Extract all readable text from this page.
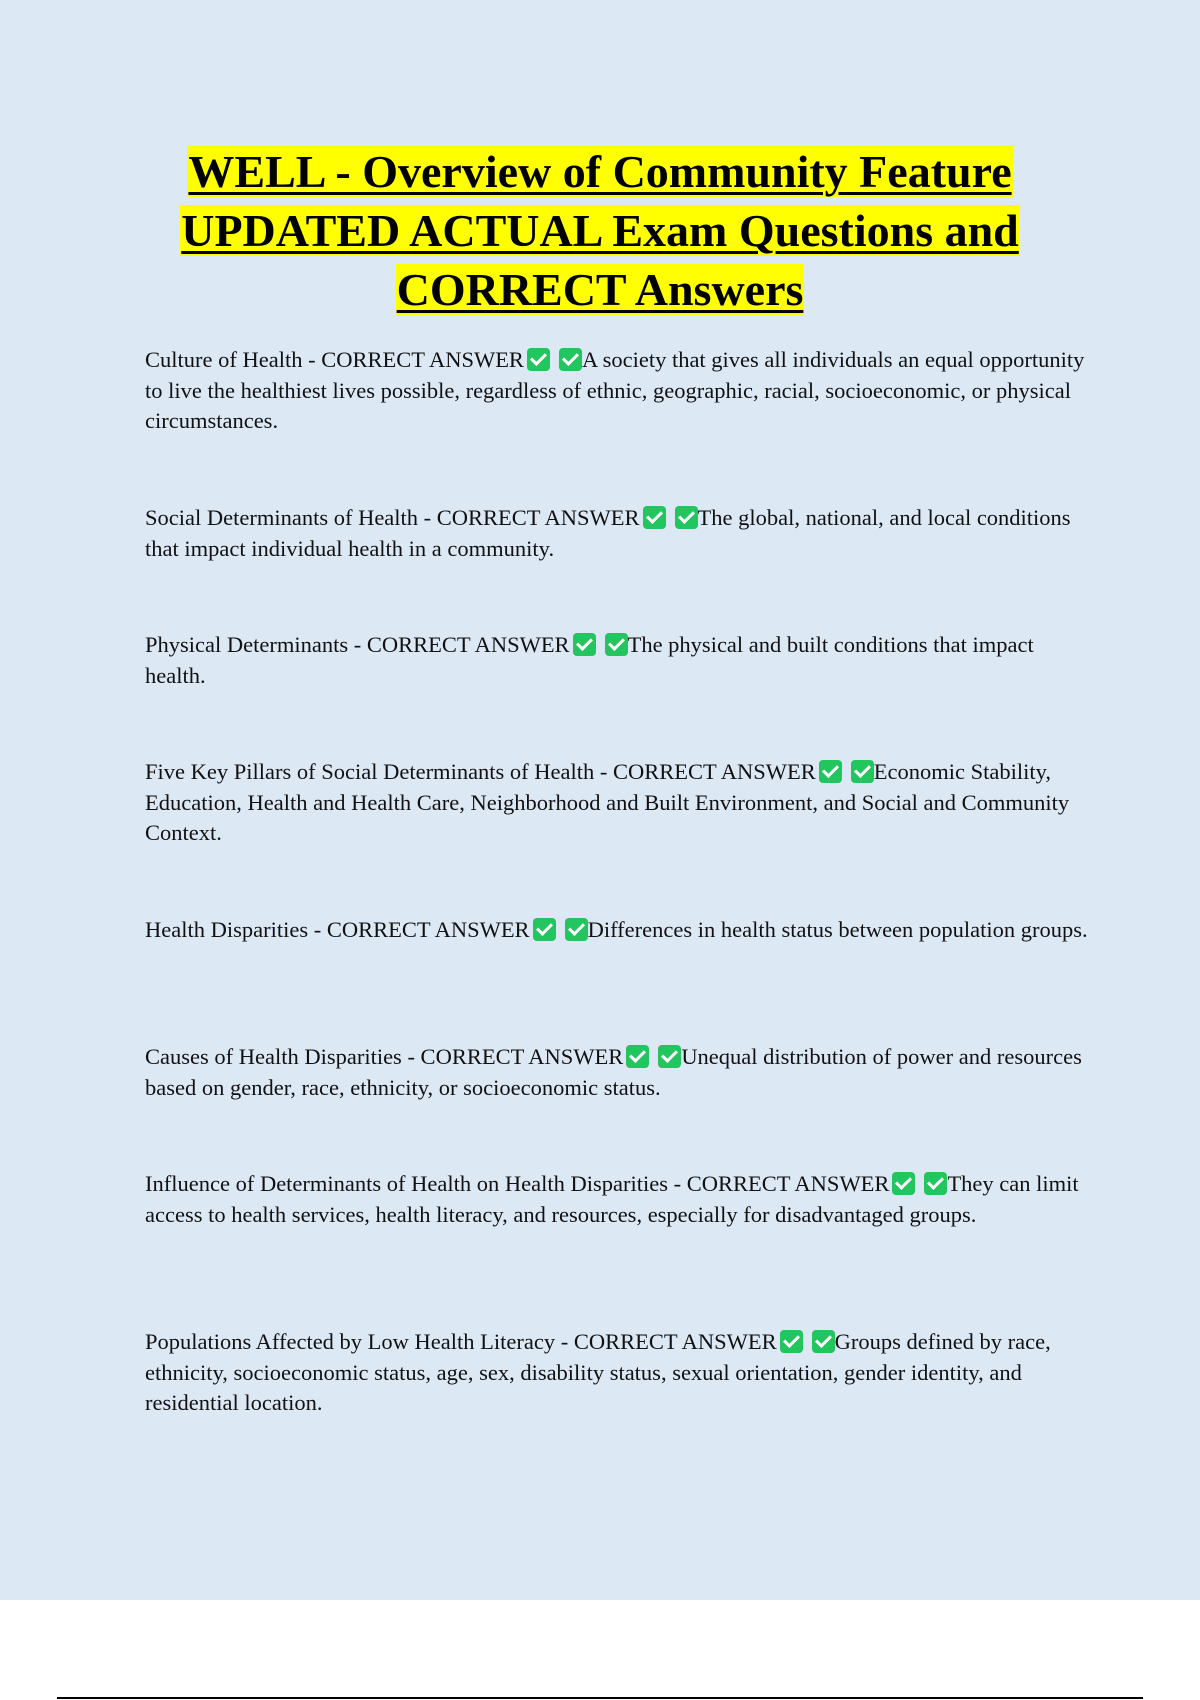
WELL - Overview of Community Feature
UPDATED ACTUAL Exam Questions and
CORRECT Answers

Culture of Health - CORRECT ANSWER	A society that gives all individuals an equal opportunity to live the healthiest lives possible, regardless of ethnic, geographic, racial, socioeconomic, or physical circumstances.

Social Determinants of Health - CORRECT ANSWER	The global, national, and local conditions that impact individual health in a community.

Physical Determinants - CORRECT ANSWER	The physical and built conditions that impact health.

Five Key Pillars of Social Determinants of Health - CORRECT ANSWER	Economic Stability, Education, Health and Health Care, Neighborhood and Built Environment, and Social and Community Context.

Health Disparities - CORRECT ANSWER	Differences in health status between population groups.

Causes of Health Disparities - CORRECT ANSWER	Unequal distribution of power and resources based on gender, race, ethnicity, or socioeconomic status.

Influence of Determinants of Health on Health Disparities - CORRECT ANSWER	They can limit access to health services, health literacy, and resources, especially for disadvantaged groups.

Populations Affected by Low Health Literacy - CORRECT ANSWER	Groups defined by race, ethnicity, socioeconomic status, age, sex, disability status, sexual orientation, gender identity, and residential location.
